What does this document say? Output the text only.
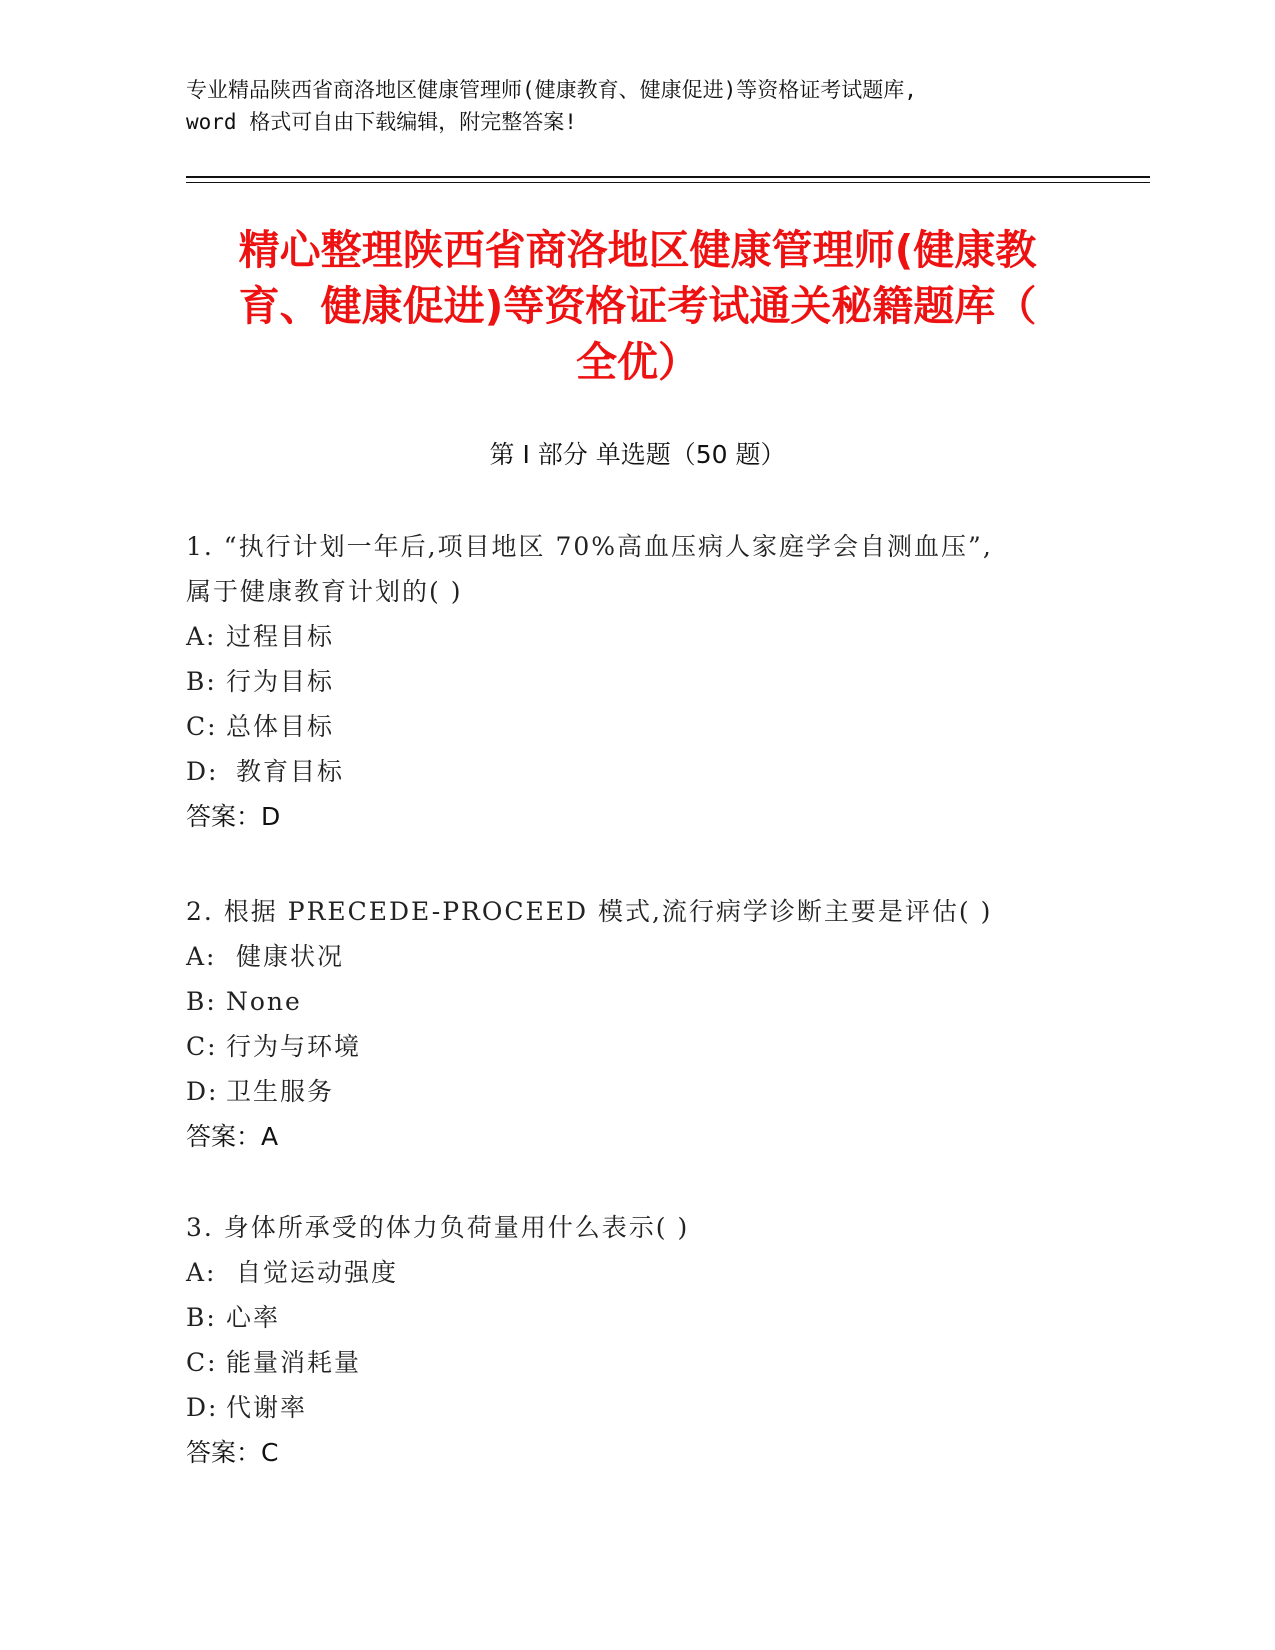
专业精品陕西省商洛地区健康管理师(健康教育、健康促进)等资格证考试题库,
word 格式可自由下载编辑，附完整答案!
精心整理陕西省商洛地区健康管理师(健康教
育、健康促进)等资格证考试通关秘籍题库（
全优）
第 I 部分 单选题（50 题）
1. “执行计划一年后,项目地区 70%高血压病人家庭学会自测血压”,
属于健康教育计划的( )
A: 过程目标
B: 行为目标
C: 总体目标
D: 教育目标
答案：D
2. 根据 PRECEDE-PROCEED 模式,流行病学诊断主要是评估( )
A: 健康状况
B: None
C: 行为与环境
D: 卫生服务
答案：A
3. 身体所承受的体力负荷量用什么表示( )
A: 自觉运动强度
B: 心率
C: 能量消耗量
D: 代谢率
答案：C
